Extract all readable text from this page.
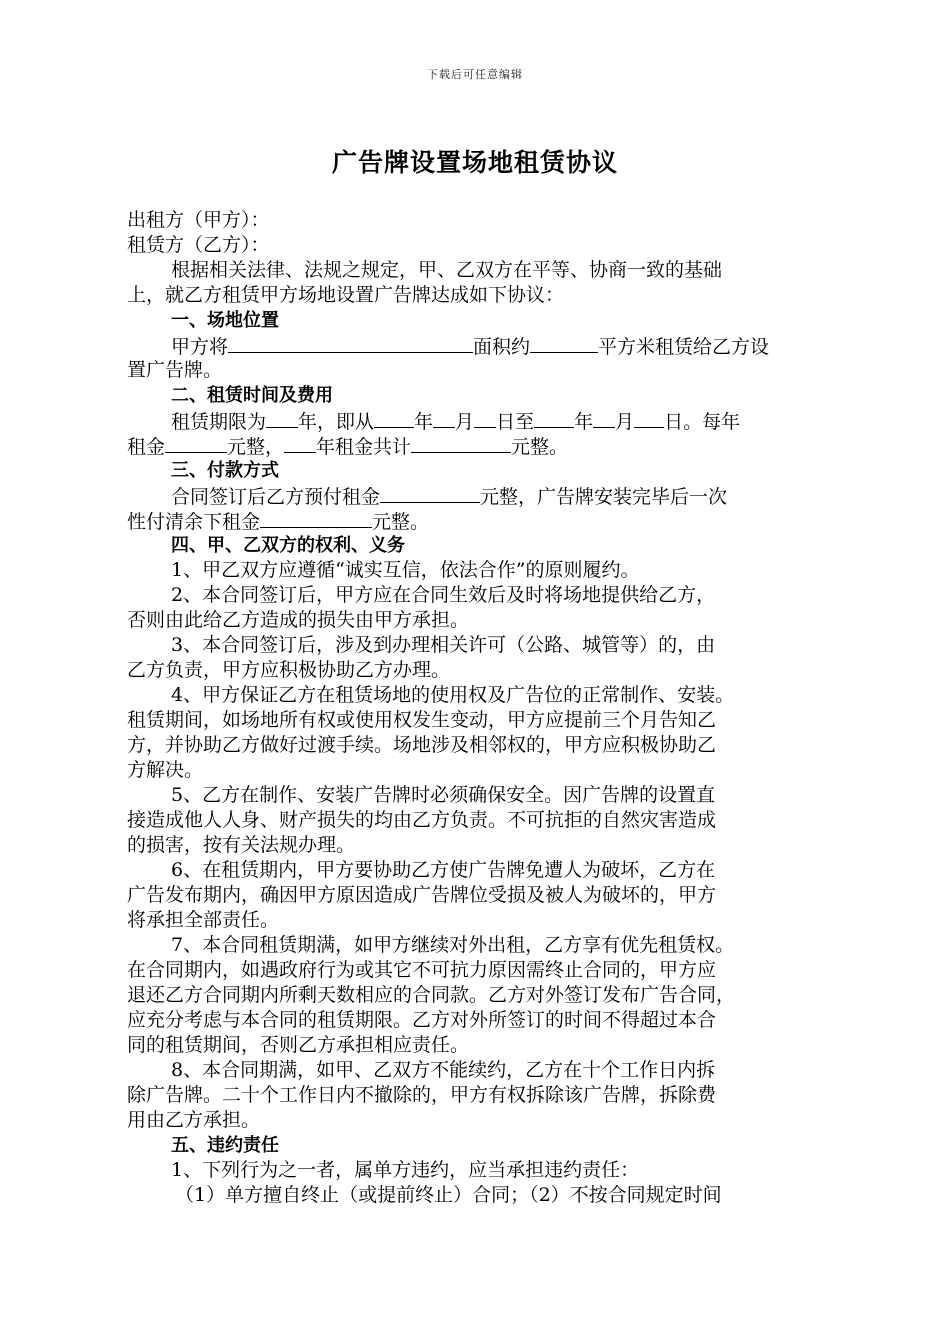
下载后可任意编辑
广告牌设置场地租赁协议
出租方（甲方）：
租赁方（乙方）：
根据相关法律、法规之规定，甲、乙双方在平等、协商一致的基础
上，就乙方租赁甲方场地设置广告牌达成如下协议：
一、场地位置
甲方将	面积约	平方米租赁给乙方设
置广告牌。
二、租赁时间及费用
租赁期限为 年，即从 年 月 日至 年 月 日。每年
租金	元整， 年租金共计	元整。
三、付款方式
合同签订后乙方预付租金	元整，广告牌安装完毕后一次
性付清余下租金	元整。
四、甲、乙双方的权利、义务
1、甲乙双方应遵循“诚实互信，依法合作”的原则履约。
2、本合同签订后，甲方应在合同生效后及时将场地提供给乙方，
否则由此给乙方造成的损失由甲方承担。
3、本合同签订后，涉及到办理相关许可（公路、城管等）的，由
乙方负责，甲方应积极协助乙方办理。
4、甲方保证乙方在租赁场地的使用权及广告位的正常制作、安装。
租赁期间，如场地所有权或使用权发生变动，甲方应提前三个月告知乙
方，并协助乙方做好过渡手续。场地涉及相邻权的，甲方应积极协助乙
方解决。
5、乙方在制作、安装广告牌时必须确保安全。因广告牌的设置直
接造成他人人身、财产损失的均由乙方负责。不可抗拒的自然灾害造成
的损害，按有关法规办理。
6、在租赁期内，甲方要协助乙方使广告牌免遭人为破坏，乙方在
广告发布期内，确因甲方原因造成广告牌位受损及被人为破坏的，甲方
将承担全部责任。
7、本合同租赁期满，如甲方继续对外出租，乙方享有优先租赁权。
在合同期内，如遇政府行为或其它不可抗力原因需终止合同的，甲方应
退还乙方合同期内所剩天数相应的合同款。乙方对外签订发布广告合同，
应充分考虑与本合同的租赁期限。乙方对外所签订的时间不得超过本合
同的租赁期间，否则乙方承担相应责任。
8、本合同期满，如甲、乙双方不能续约，乙方在十个工作日内拆
除广告牌。二十个工作日内不撤除的，甲方有权拆除该广告牌，拆除费
用由乙方承担。
五、违约责任
1、下列行为之一者，属单方违约，应当承担违约责任：
（1）单方擅自终止（或提前终止）合同；（2）不按合同规定时间
